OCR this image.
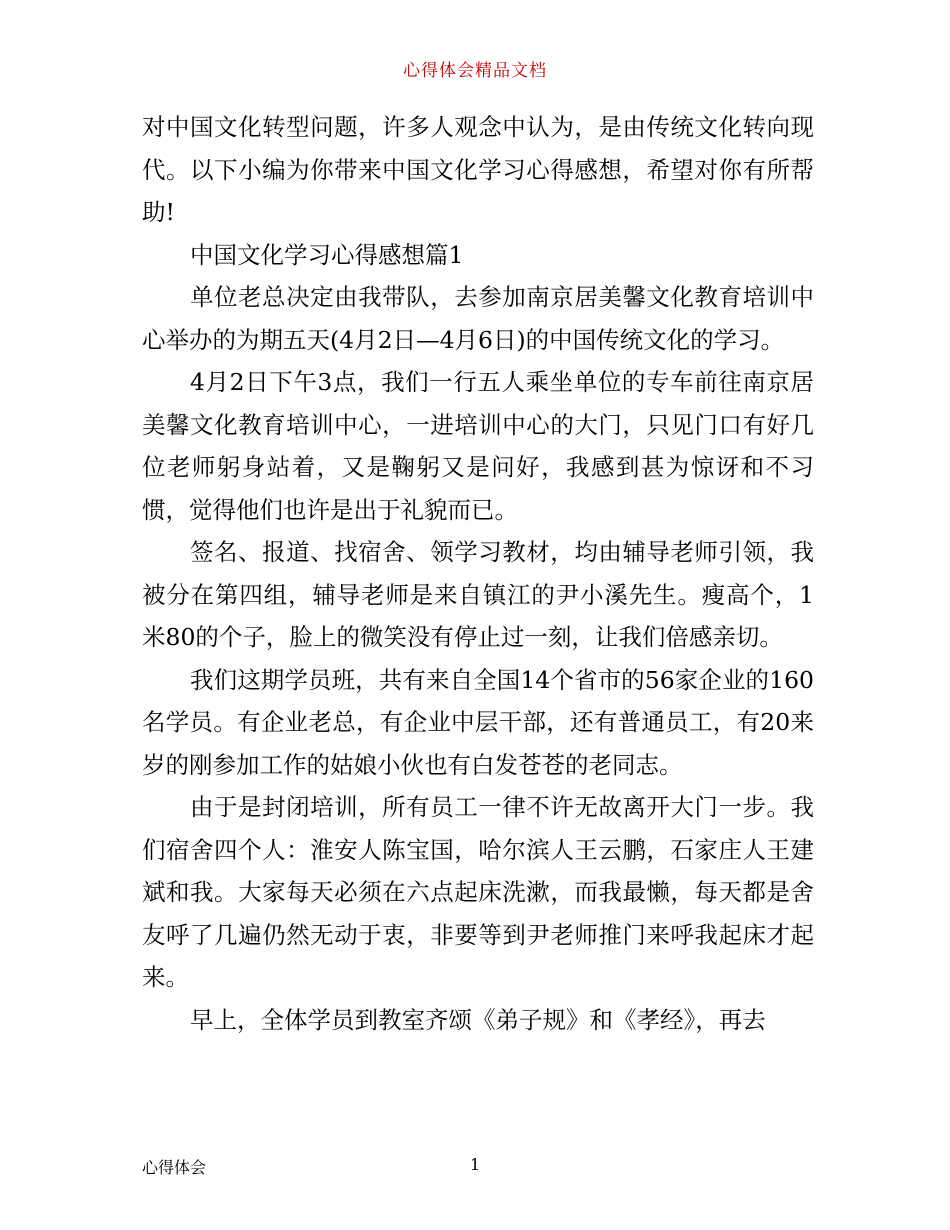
心得体会精品文档

对中国文化转型问题，许多人观念中认为，是由传统文化转向现代。以下小编为你带来中国文化学习心得感想，希望对你有所帮助!

中国文化学习心得感想篇1

单位老总决定由我带队，去参加南京居美馨文化教育培训中心举办的为期五天(4月2日—4月6日)的中国传统文化的学习。

4月2日下午3点，我们一行五人乘坐单位的专车前往南京居美馨文化教育培训中心，一进培训中心的大门，只见门口有好几位老师躬身站着，又是鞠躬又是问好，我感到甚为惊讶和不习惯，觉得他们也许是出于礼貌而已。

签名、报道、找宿舍、领学习教材，均由辅导老师引领，我被分在第四组，辅导老师是来自镇江的尹小溪先生。瘦高个，1米80的个子，脸上的微笑没有停止过一刻，让我们倍感亲切。

我们这期学员班，共有来自全国14个省市的56家企业的160名学员。有企业老总，有企业中层干部，还有普通员工，有20来岁的刚参加工作的姑娘小伙也有白发苍苍的老同志。

由于是封闭培训，所有员工一律不许无故离开大门一步。我们宿舍四个人：淮安人陈宝国，哈尔滨人王云鹏，石家庄人王建斌和我。大家每天必须在六点起床洗漱，而我最懒，每天都是舍友呼了几遍仍然无动于衷，非要等到尹老师推门来呼我起床才起来。

早上，全体学员到教室齐颂《弟子规》和《孝经》，再去

心得体会	1
